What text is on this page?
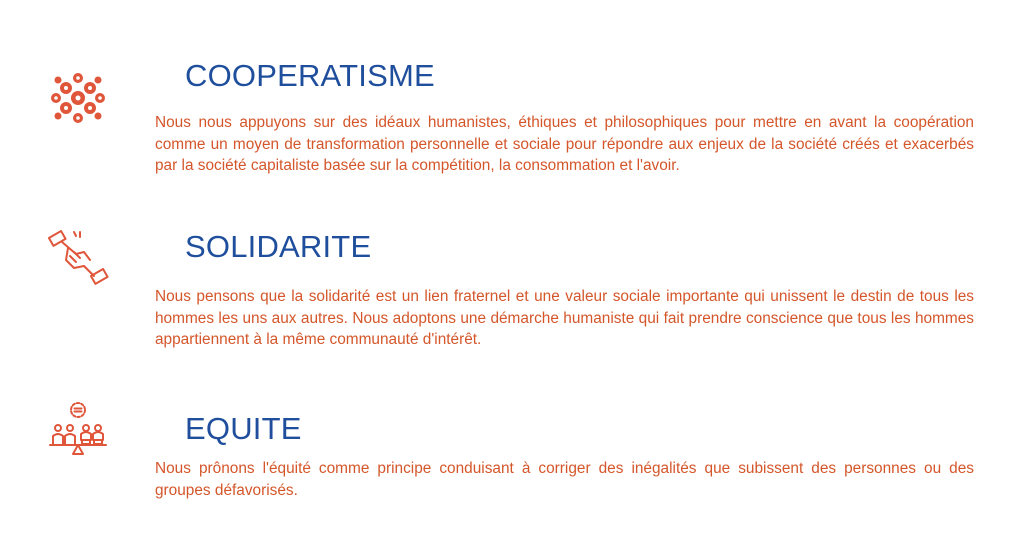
COOPERATISME

Nous nous appuyons sur des idéaux humanistes, éthiques et philosophiques pour mettre en avant la coopération comme un moyen de transformation personnelle et sociale pour répondre aux enjeux de la société créés et exacerbés par la société capitaliste basée sur la compétition, la consommation et l'avoir.

SOLIDARITE

Nous pensons que la solidarité est un lien fraternel et une valeur sociale importante qui unissent le destin de tous les hommes les uns aux autres. Nous adoptons une démarche humaniste qui fait prendre conscience que tous les hommes appartiennent à la même communauté d'intérêt.

EQUITE

Nous prônons l'équité comme principe conduisant à corriger des inégalités que subissent des personnes ou des groupes défavorisés.
